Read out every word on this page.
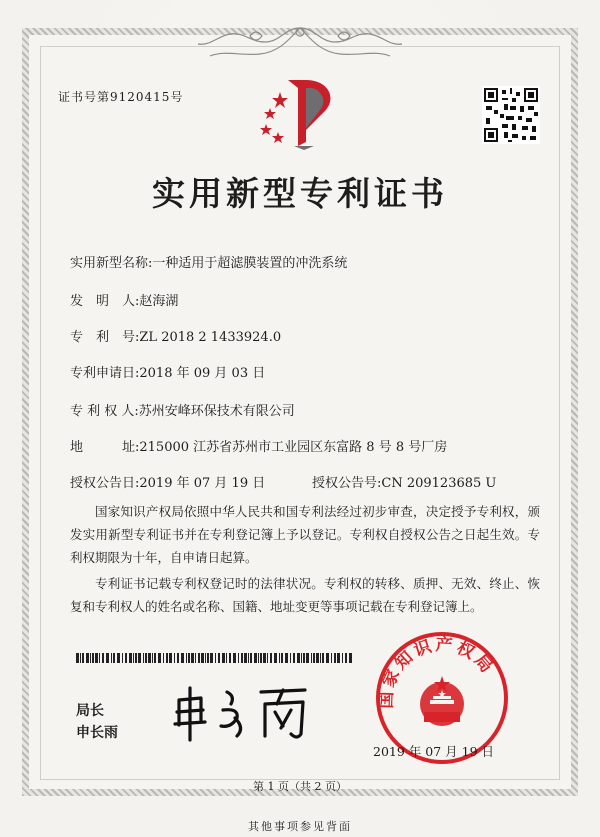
证书号第9120415号
实用新型专利证书
实用新型名称:一种适用于超滤膜装置的冲洗系统
发　明　人:赵海湖
专　利　号:ZL 2018 2 1433924.0
专利申请日:2018 年 09 月 03 日
专 利 权 人:苏州安峰环保技术有限公司
地　　　址:215000 江苏省苏州市工业园区东富路 8 号 8 号厂房
授权公告日:2019 年 07 月 19 日	授权公告号:CN 209123685 U
国家知识产权局依照中华人民共和国专利法经过初步审查，决定授予专利权，颁发实用新型专利证书并在专利登记簿上予以登记。专利权自授权公告之日起生效。专利权期限为十年，自申请日起算。
专利证书记载专利权登记时的法律状况。专利权的转移、质押、无效、终止、恢复和专利权人的姓名或名称、国籍、地址变更等事项记载在专利登记簿上。
局长
申长雨
国家知识产权局
2019 年 07 月 19 日
第 1 页（共 2 页）
其他事项参见背面
